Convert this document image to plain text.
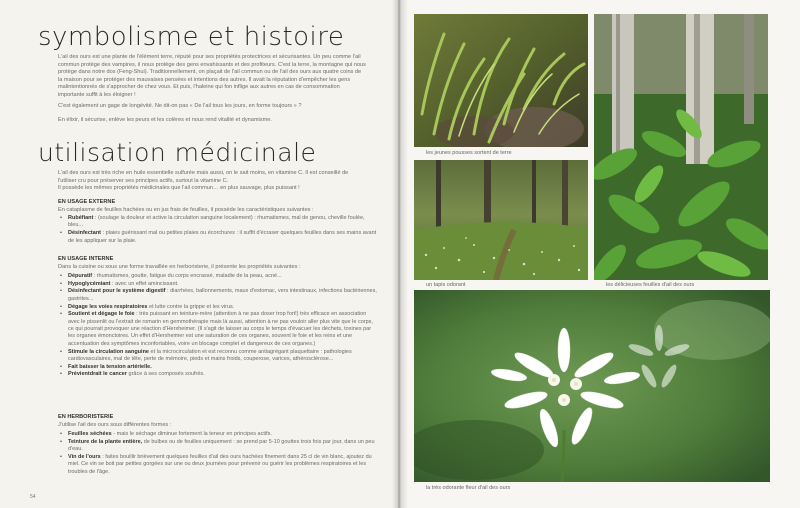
symbolisme et histoire

L'ail des ours est une plante de l'élément terre, réputé pour ses propriétés protectrices et sécurisantes. Un peu comme l'ail commun protège des vampires, il nous protège des gens envahissants et des profiteurs. C'est la terre, la montagne qui nous protège dans notre dos (Feng-Shui). Traditionnellement, on plaçait de l'ail commun ou de l'ail des ours aux quatre coins de la maison pour se protéger des mauvaises pensées et intentions des autres. Il avait la réputation d'empêcher les gens malintentionnés de s'approcher de chez vous. Et puis, l'haleine qui fon inflige aux autres en cas de consommation importante suffit à les éloigner !

C'est également un gage de longévité. Ne dit-on pas « De l'ail tous les jours, en forme toujours » ?

En élixir, il sécurise, enlève les peurs et les colères et nous rend vitalité et dynamisme.

utilisation médicinale

L'ail des ours est très riche en huile essentielle sulfurée mais aussi, on le sait moins, en vitamine C. Il est conseillé de l'utiliser cru pour préserver ses principes actifs, surtout la vitamine C.

Il possède les mêmes propriétés médicinales que l'ail commun… en plus sauvage, plus puissant !

EN USAGE EXTERNE

En cataplasme de feuilles hachées ou en jus frais de feuilles, il possède les caractéristiques suivantes :

• Rubéfiant : (soulage la douleur et active la circulation sanguine localement) : rhumatismes, mal de genou, cheville foulée, bleu...
• Désinfectant : plaies guérissant mal ou petites plaies ou écorchures : il suffit d'écraser quelques feuilles dans ses mains avant de les appliquer sur la plaie.
EN USAGE INTERNE

Dans la cuisine ou sous une forme travaillée en herboristerie, il présente les propriétés suivantes :

• Dépuratif : rhumatismes, goutte, fatigue du corps encrassé, maladie de la peau, acné...
• Hypoglycémiant : avec un effet amincissant.
• Désinfectant pour le système digestif : diarrhées, ballonnements, maux d'estomac, vers intestinaux, infections bactériennes, gastrites...
• Dégage les voies respiratoires et lutte contre la grippe et les virus.
• Soutient et dégage le foie : très puissant en teinture-mère (attention à ne pas doser trop fort!) très efficace en association avec le pissenlit ou l'extrait de romarin en gemmothérapie mais là aussi, attention à ne pas vouloir aller plus vite que le corps, ce qui pourrait provoquer une réaction d'Herxheimer. (Il s'agit de laisser au corps le temps d'évacuer les déchets, toxines par les organes émonctoires. Un effet d'Herxheimer est une saturation de ces organes, souvent le foie et les reins et une accentuation des symptômes inconfortables, voire un blocage complet et dangereux de ces organes.)
• Stimule la circulation sanguine et la microcirculation et est reconnu comme antiagrégant plaquettaire : pathologies cardiovasculaires, mal de tête, perte de mémoire, pieds et mains froids, couperose, varices, athérosclérose...
• Fait baisser la tension artérielle.
• Prévientdrait le cancer grâce à ses composés soufrés.
EN HERBORISTERIE

J'utilise l'ail des ours sous différentes formes :

• Feuilles séchées - mais le séchage diminue fortement la teneur en principes actifs.
• Teinture de la plante entière, de bulbes ou de feuilles uniquement : se prend par 5-10 gouttes trois fois par jour, dans un peu d'eau.
• Vin de l'ours : faites bouillir brièvement quelques feuilles d'ail des ours hachées finement dans 25 cl de vin blanc, ajoutez du miel. Ce vin se boit par petites gorgées sur une ou deux journées pour prévenir ou guérir les problèmes respiratoires et les troubles de l'âge.
54
les jeunes pousses sortent de terre
un tapis odorant	les délicieuses feuilles d'ail des ours
la très odorante fleur d'ail des ours
